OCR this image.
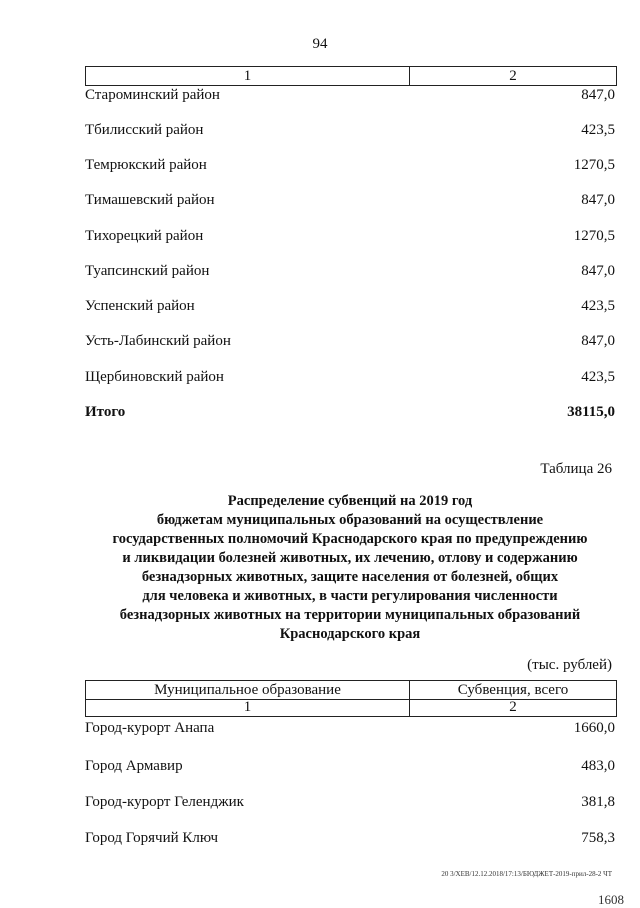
94
1	2
Староминский район	847,0
Тбилисский район	423,5
Темрюкский район	1270,5
Тимашевский район	847,0
Тихорецкий район	1270,5
Туапсинский район	847,0
Успенский район	423,5
Усть-Лабинский район	847,0
Щербиновский район	423,5
Итого	38115,0
Таблица 26
Распределение субвенций на 2019 год
бюджетам муниципальных образований на осуществление
государственных полномочий Краснодарского края по предупреждению
и ликвидации болезней животных, их лечению, отлову и содержанию
безнадзорных животных, защите населения от болезней, общих
для человека и животных, в части регулирования численности
безнадзорных животных на территории муниципальных образований
Краснодарского края
(тыс. рублей)
Муниципальное образование	Субвенция, всего
1	2
Город-курорт Анапа	1660,0
Город Армавир	483,0
Город-курорт Геленджик	381,8
Город Горячий Ключ	758,3
20 3/ХЕВ/12.12.2018/17:13/БЮДЖЕТ-2019-прил-28-2 ЧТ
1608
